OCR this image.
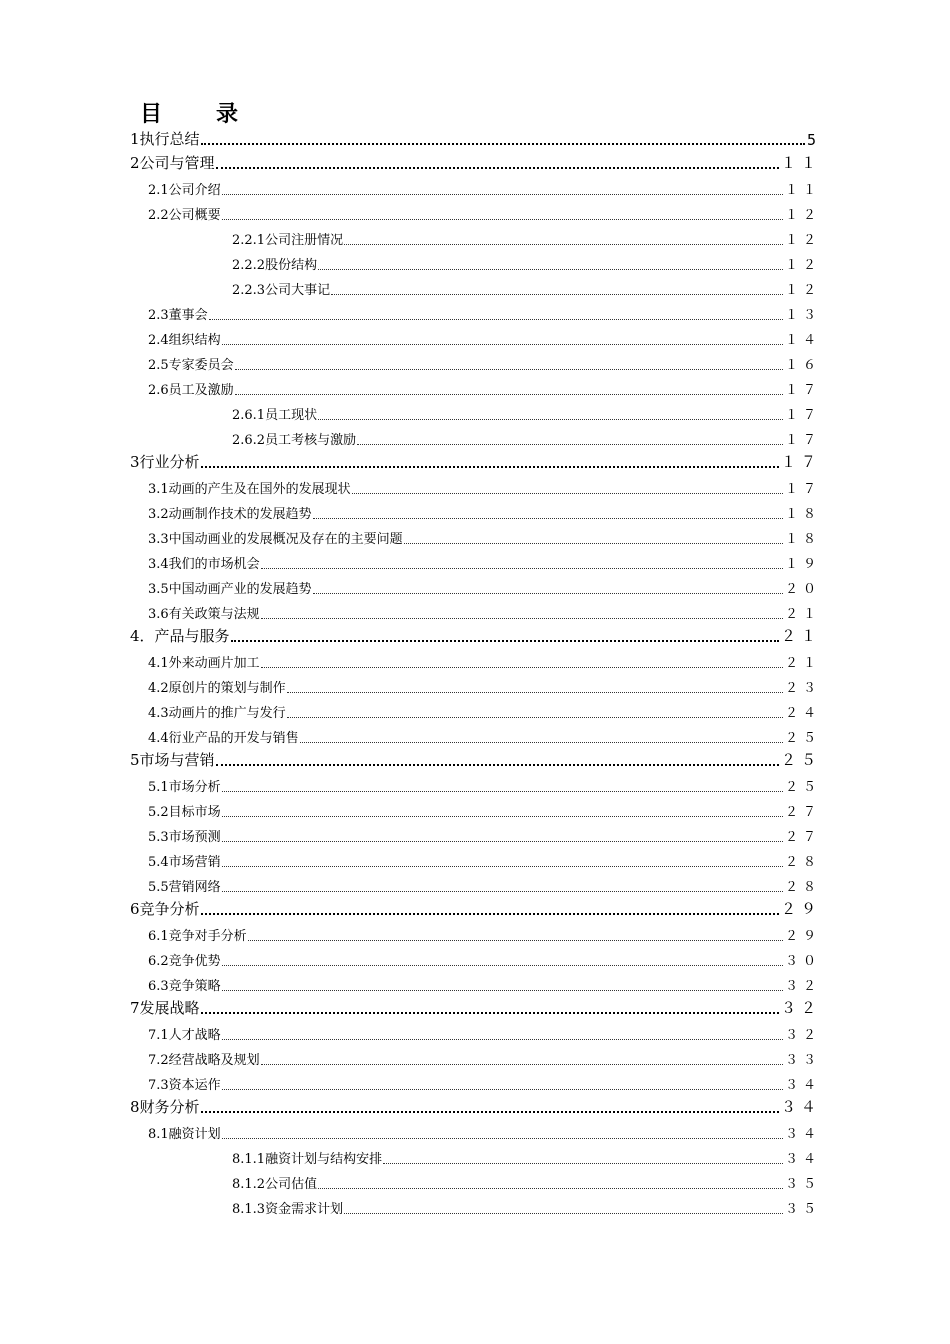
目　录
1执行总结	5
2公司与管理	１１
2.1公司介绍	１１
2.2公司概要	１２
2.2.1公司注册情况	１２
2.2.2股份结构	１２
2.2.3公司大事记	１２
2.3董事会	１３
2.4组织结构	１４
2.5专家委员会	１６
2.6员工及激励	１７
2.6.1员工现状	１７
2.6.2员工考核与激励	１７
3行业分析	１７
3.1动画的产生及在国外的发展现状	１７
3.2动画制作技术的发展趋势	１８
3.3中国动画业的发展概况及存在的主要问题	１８
3.4我们的市场机会	１９
3.5中国动画产业的发展趋势	２０
3.6有关政策与法规	２１
4．产品与服务	２１
4.1外来动画片加工	２１
4.2原创片的策划与制作	２３
4.3动画片的推广与发行	２４
4.4衍业产品的开发与销售	２５
5市场与营销	２５
5.1市场分析	２５
5.2目标市场	２７
5.3市场预测	２７
5.4市场营销	２８
5.5营销网络	２８
6竞争分析	２９
6.1竞争对手分析	２９
6.2竞争优势	３０
6.3竞争策略	３２
7发展战略	３２
7.1人才战略	３２
7.2经营战略及规划	３３
7.3资本运作	３４
8财务分析	３４
8.1融资计划	３４
8.1.1融资计划与结构安排	３４
8.1.2公司估值	３５
8.1.3资金需求计划	３５
